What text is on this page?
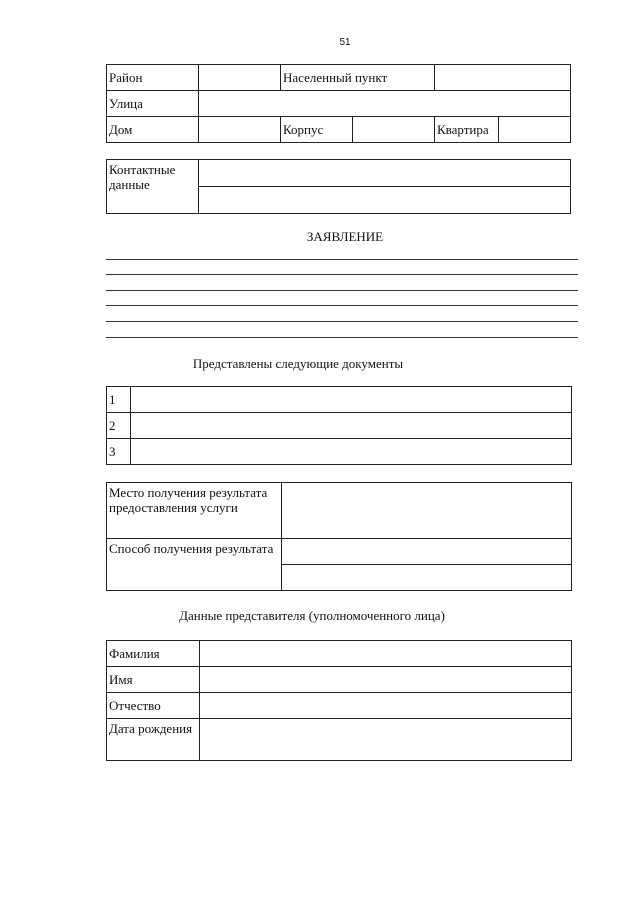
51
Район		Населенный пункт			
Улица					
Дом		Корпус		Квартира	
Контактные данные	

ЗАЯВЛЕНИЕ
Представлены следующие документы
1	
2	
3	
Место получения результата предоставления услуги	
Способ получения результата	

Данные представителя (уполномоченного лица)
Фамилия	
Имя	
Отчество	
Дата рождения	
